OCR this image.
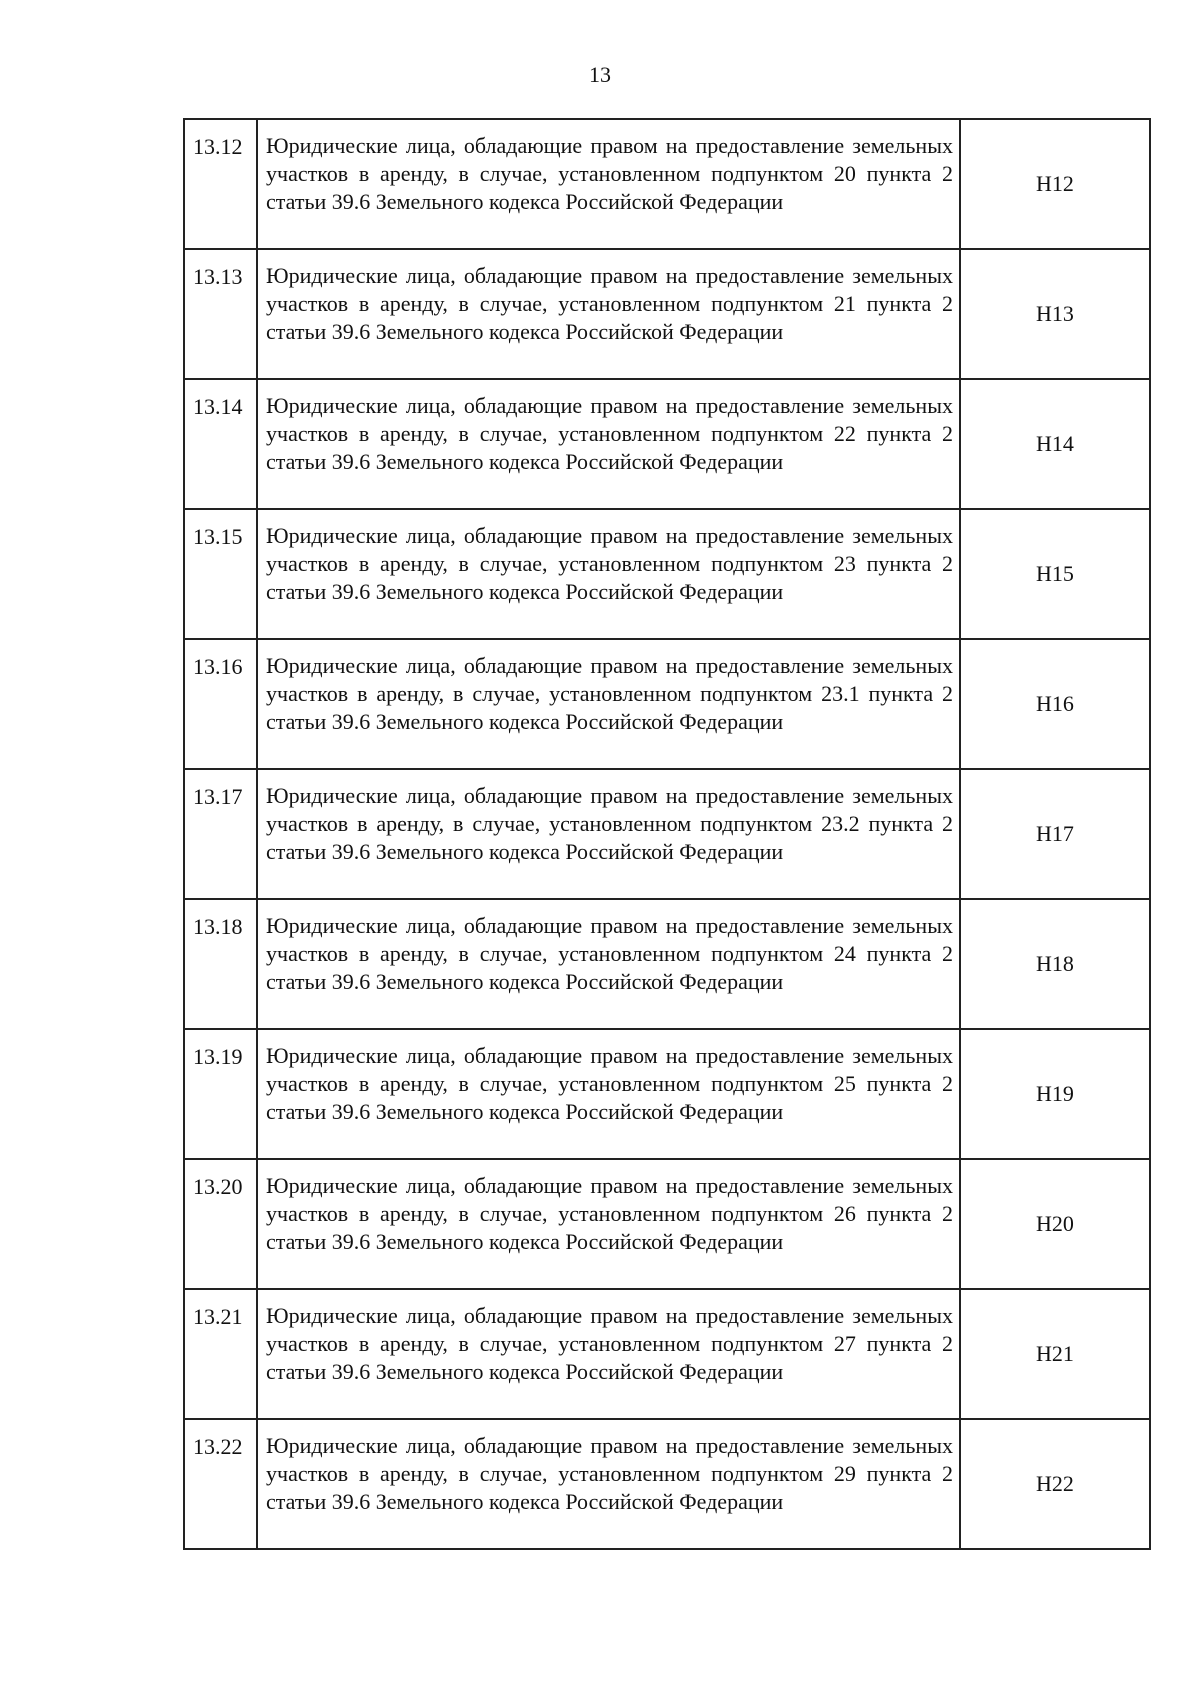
13
13.12	Юридические лица, обладающие правом на предоставление земельных участков в аренду, в случае, установленном подпунктом 20 пункта 2 статьи 39.6 Земельного кодекса Российской Федерации	Н12
13.13	Юридические лица, обладающие правом на предоставление земельных участков в аренду, в случае, установленном подпунктом 21 пункта 2 статьи 39.6 Земельного кодекса Российской Федерации	Н13
13.14	Юридические лица, обладающие правом на предоставление земельных участков в аренду, в случае, установленном подпунктом 22 пункта 2 статьи 39.6 Земельного кодекса Российской Федерации	Н14
13.15	Юридические лица, обладающие правом на предоставление земельных участков в аренду, в случае, установленном подпунктом 23 пункта 2 статьи 39.6 Земельного кодекса Российской Федерации	Н15
13.16	Юридические лица, обладающие правом на предоставление земельных участков в аренду, в случае, установленном подпунктом 23.1 пункта 2 статьи 39.6 Земельного кодекса Российской Федерации	Н16
13.17	Юридические лица, обладающие правом на предоставление земельных участков в аренду, в случае, установленном подпунктом 23.2 пункта 2 статьи 39.6 Земельного кодекса Российской Федерации	Н17
13.18	Юридические лица, обладающие правом на предоставление земельных участков в аренду, в случае, установленном подпунктом 24 пункта 2 статьи 39.6 Земельного кодекса Российской Федерации	Н18
13.19	Юридические лица, обладающие правом на предоставление земельных участков в аренду, в случае, установленном подпунктом 25 пункта 2 статьи 39.6 Земельного кодекса Российской Федерации	Н19
13.20	Юридические лица, обладающие правом на предоставление земельных участков в аренду, в случае, установленном подпунктом 26 пункта 2 статьи 39.6 Земельного кодекса Российской Федерации	Н20
13.21	Юридические лица, обладающие правом на предоставление земельных участков в аренду, в случае, установленном подпунктом 27 пункта 2 статьи 39.6 Земельного кодекса Российской Федерации	Н21
13.22	Юридические лица, обладающие правом на предоставление земельных участков в аренду, в случае, установленном подпунктом 29 пункта 2 статьи 39.6 Земельного кодекса Российской Федерации	Н22
